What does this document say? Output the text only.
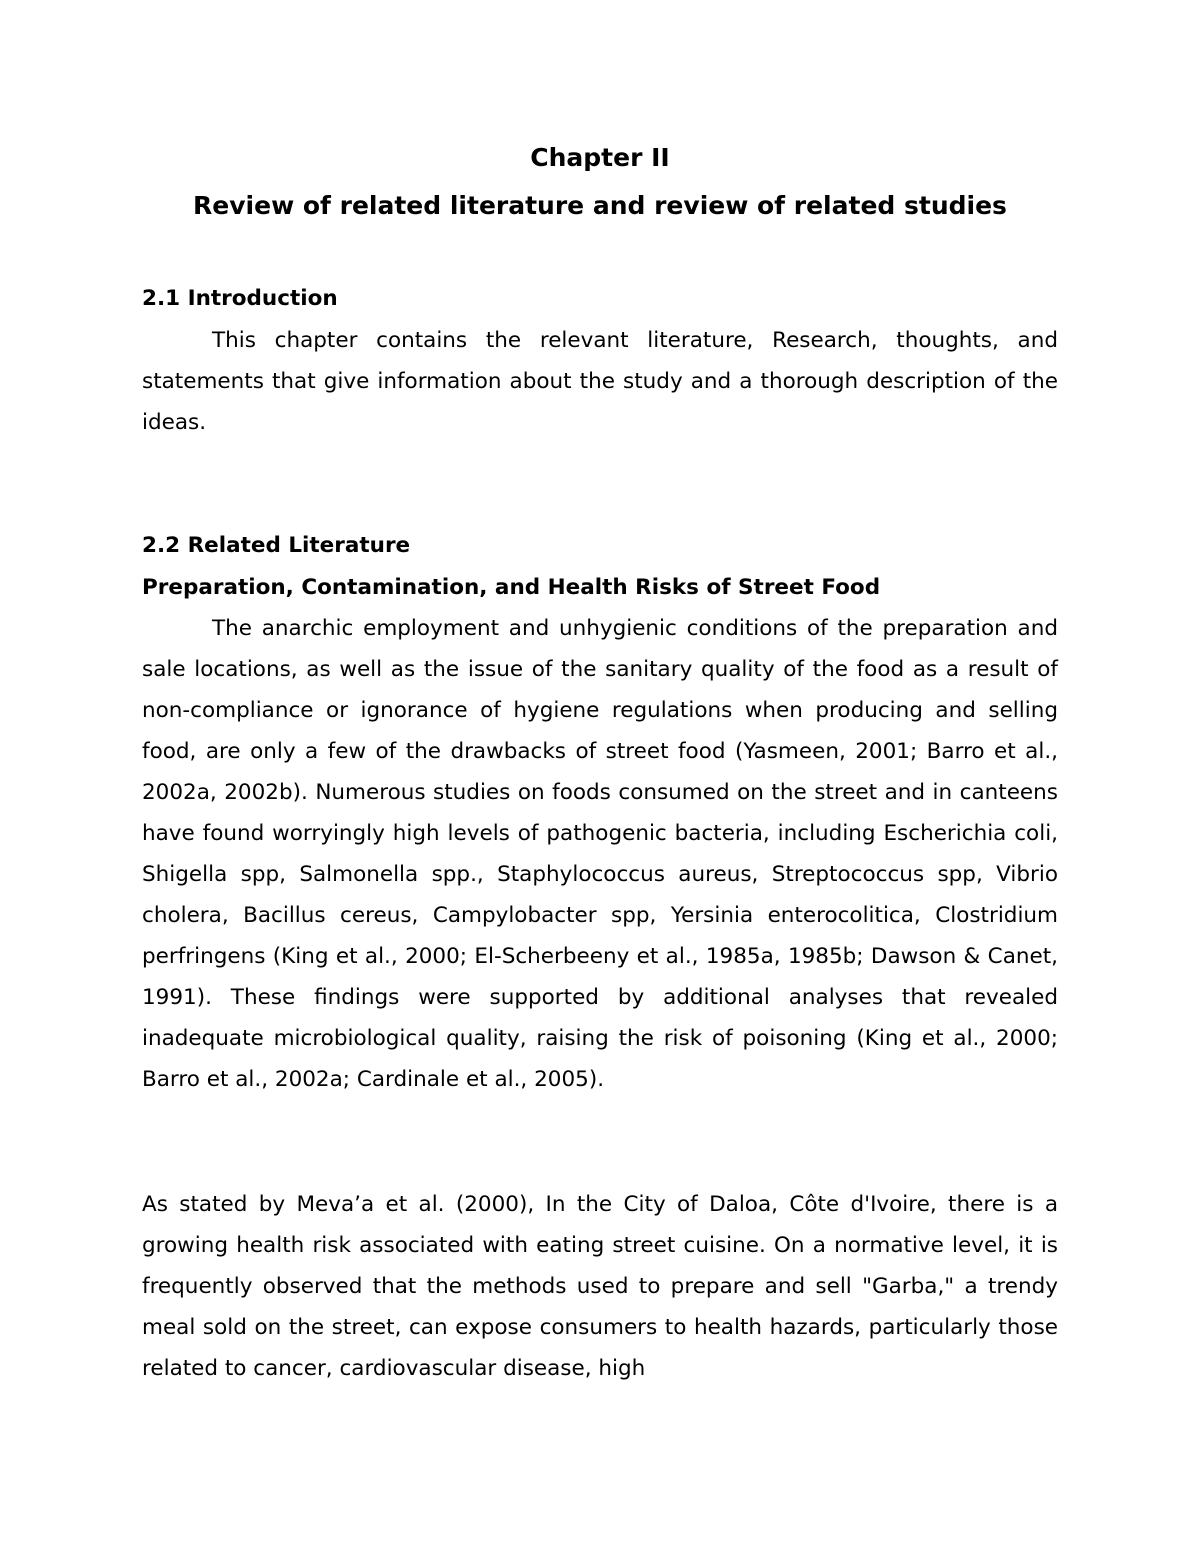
Chapter II
Review of related literature and review of related studies
2.1 Introduction

This chapter contains the relevant literature, Research, thoughts, and statements that give information about the study and a thorough description of the ideas.

2.2 Related Literature
Preparation, Contamination, and Health Risks of Street Food

The anarchic employment and unhygienic conditions of the preparation and sale locations, as well as the issue of the sanitary quality of the food as a result of non-compliance or ignorance of hygiene regulations when producing and selling food, are only a few of the drawbacks of street food (Yasmeen, 2001; Barro et al., 2002a, 2002b). Numerous studies on foods consumed on the street and in canteens have found worryingly high levels of pathogenic bacteria, including Escherichia coli, Shigella spp, Salmonella spp., Staphylococcus aureus, Streptococcus spp, Vibrio cholera, Bacillus cereus, Campylobacter spp, Yersinia enterocolitica, Clostridium perfringens (King et al., 2000; El-Scherbeeny et al., 1985a, 1985b; Dawson & Canet, 1991). These findings were supported by additional analyses that revealed inadequate microbiological quality, raising the risk of poisoning (King et al., 2000; Barro et al., 2002a; Cardinale et al., 2005).

As stated by Meva’a et al. (2000), In the City of Daloa, Côte d'Ivoire, there is a growing health risk associated with eating street cuisine. On a normative level, it is frequently observed that the methods used to prepare and sell "Garba," a trendy meal sold on the street, can expose consumers to health hazards, particularly those related to cancer, cardiovascular disease, high
